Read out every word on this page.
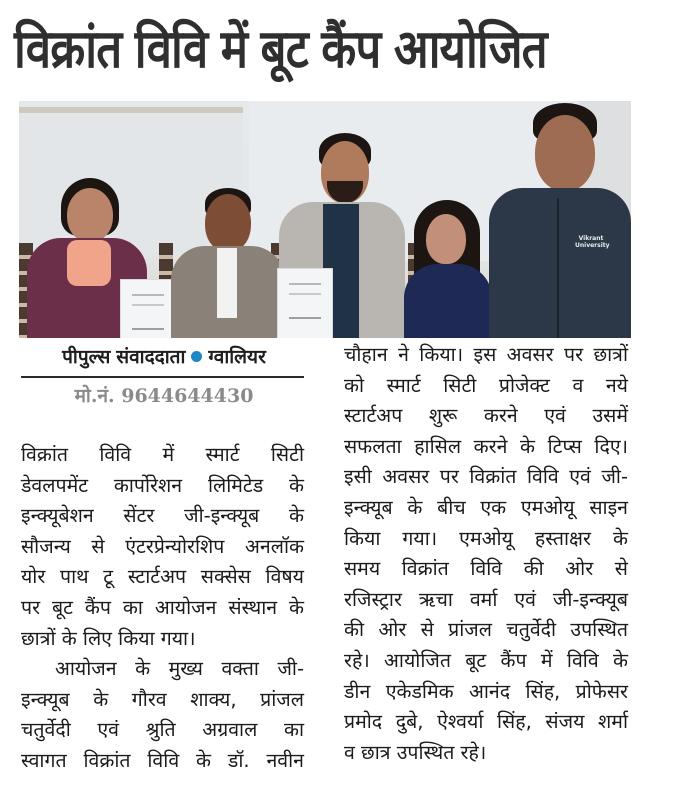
विक्रांत विवि में बूट कैंप आयोजित
Vikrant University
पीपुल्स संवाददाता ग्वालियर
मो.नं. 9644644430
विक्रांत विवि में स्मार्ट सिटी
डेवलपमेंट कार्पोरेशन लिमिटेड के
इन्क्यूबेशन सेंटर जी-इन्क्यूब के
सौजन्य से एंटरप्रेन्योरशिप अनलॉक
योर पाथ टू स्टार्टअप सक्सेस विषय
पर बूट कैंप का आयोजन संस्थान के
छात्रों के लिए किया गया।
आयोजन के मुख्य वक्ता जी-
इन्क्यूब के गौरव शाक्य, प्रांजल
चतुर्वेदी एवं श्रुति अग्रवाल का
स्वागत विक्रांत विवि के डॉ. नवीन
चौहान ने किया। इस अवसर पर छात्रों
को स्मार्ट सिटी प्रोजेक्ट व नये
स्टार्टअप शुरू करने एवं उसमें
सफलता हासिल करने के टिप्स दिए।
इसी अवसर पर विक्रांत विवि एवं जी-
इन्क्यूब के बीच एक एमओयू साइन
किया गया। एमओयू हस्ताक्षर के
समय विक्रांत विवि की ओर से
रजिस्ट्रार ऋचा वर्मा एवं जी-इन्क्यूब
की ओर से प्रांजल चतुर्वेदी उपस्थित
रहे। आयोजित बूट कैंप में विवि के
डीन एकेडमिक आनंद सिंह, प्रोफेसर
प्रमोद दुबे, ऐश्वर्या सिंह, संजय शर्मा
व छात्र उपस्थित रहे।
